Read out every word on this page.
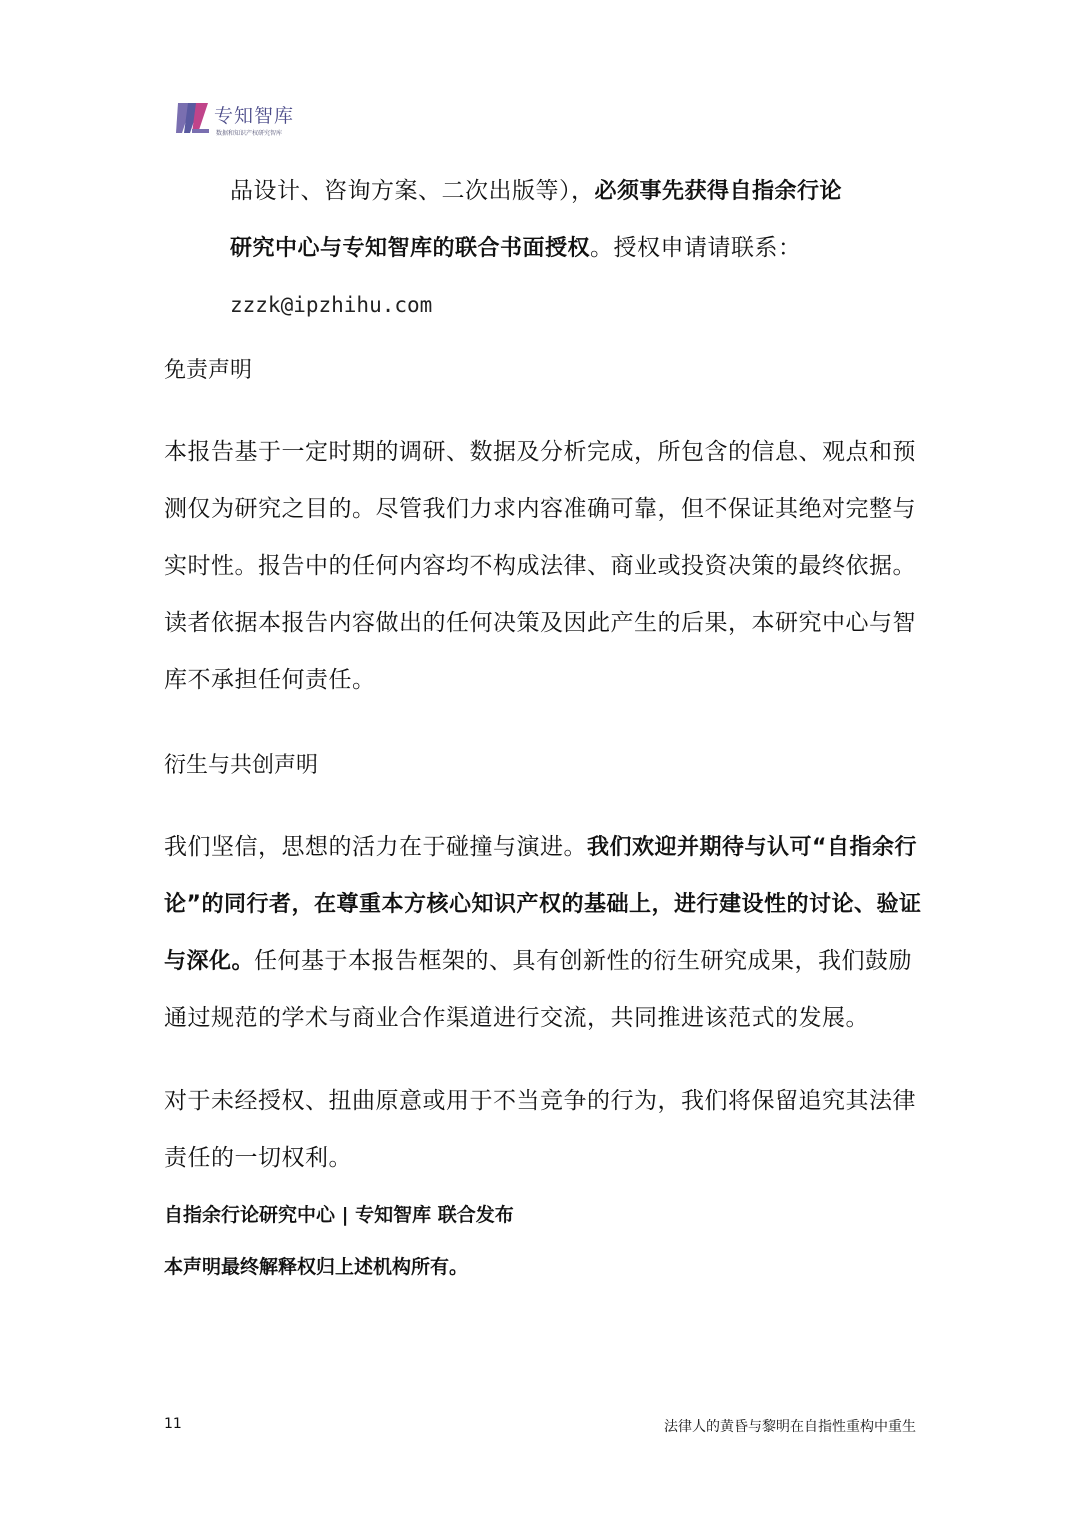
专知智库
数据和知识产权研究智库

品设计、咨询方案、二次出版等），必须事先获得自指余行论
研究中心与专知智库的联合书面授权。授权申请请联系：

zzzk@ipzhihu.com

免责声明

本报告基于一定时期的调研、数据及分析完成，所包含的信息、观点和预测仅为研究之目的。尽管我们力求内容准确可靠，但不保证其绝对完整与实时性。报告中的任何内容均不构成法律、商业或投资决策的最终依据。读者依据本报告内容做出的任何决策及因此产生的后果，本研究中心与智库不承担任何责任。

衍生与共创声明

我们坚信，思想的活力在于碰撞与演进。我们欢迎并期待与认可“自指余行论”的同行者，在尊重本方核心知识产权的基础上，进行建设性的讨论、验证与深化。任何基于本报告框架的、具有创新性的衍生研究成果，我们鼓励通过规范的学术与商业合作渠道进行交流，共同推进该范式的发展。

对于未经授权、扭曲原意或用于不当竞争的行为，我们将保留追究其法律责任的一切权利。

自指余行论研究中心 | 专知智库 联合发布

本声明最终解释权归上述机构所有。

11	法律人的黄昏与黎明在自指性重构中重生
